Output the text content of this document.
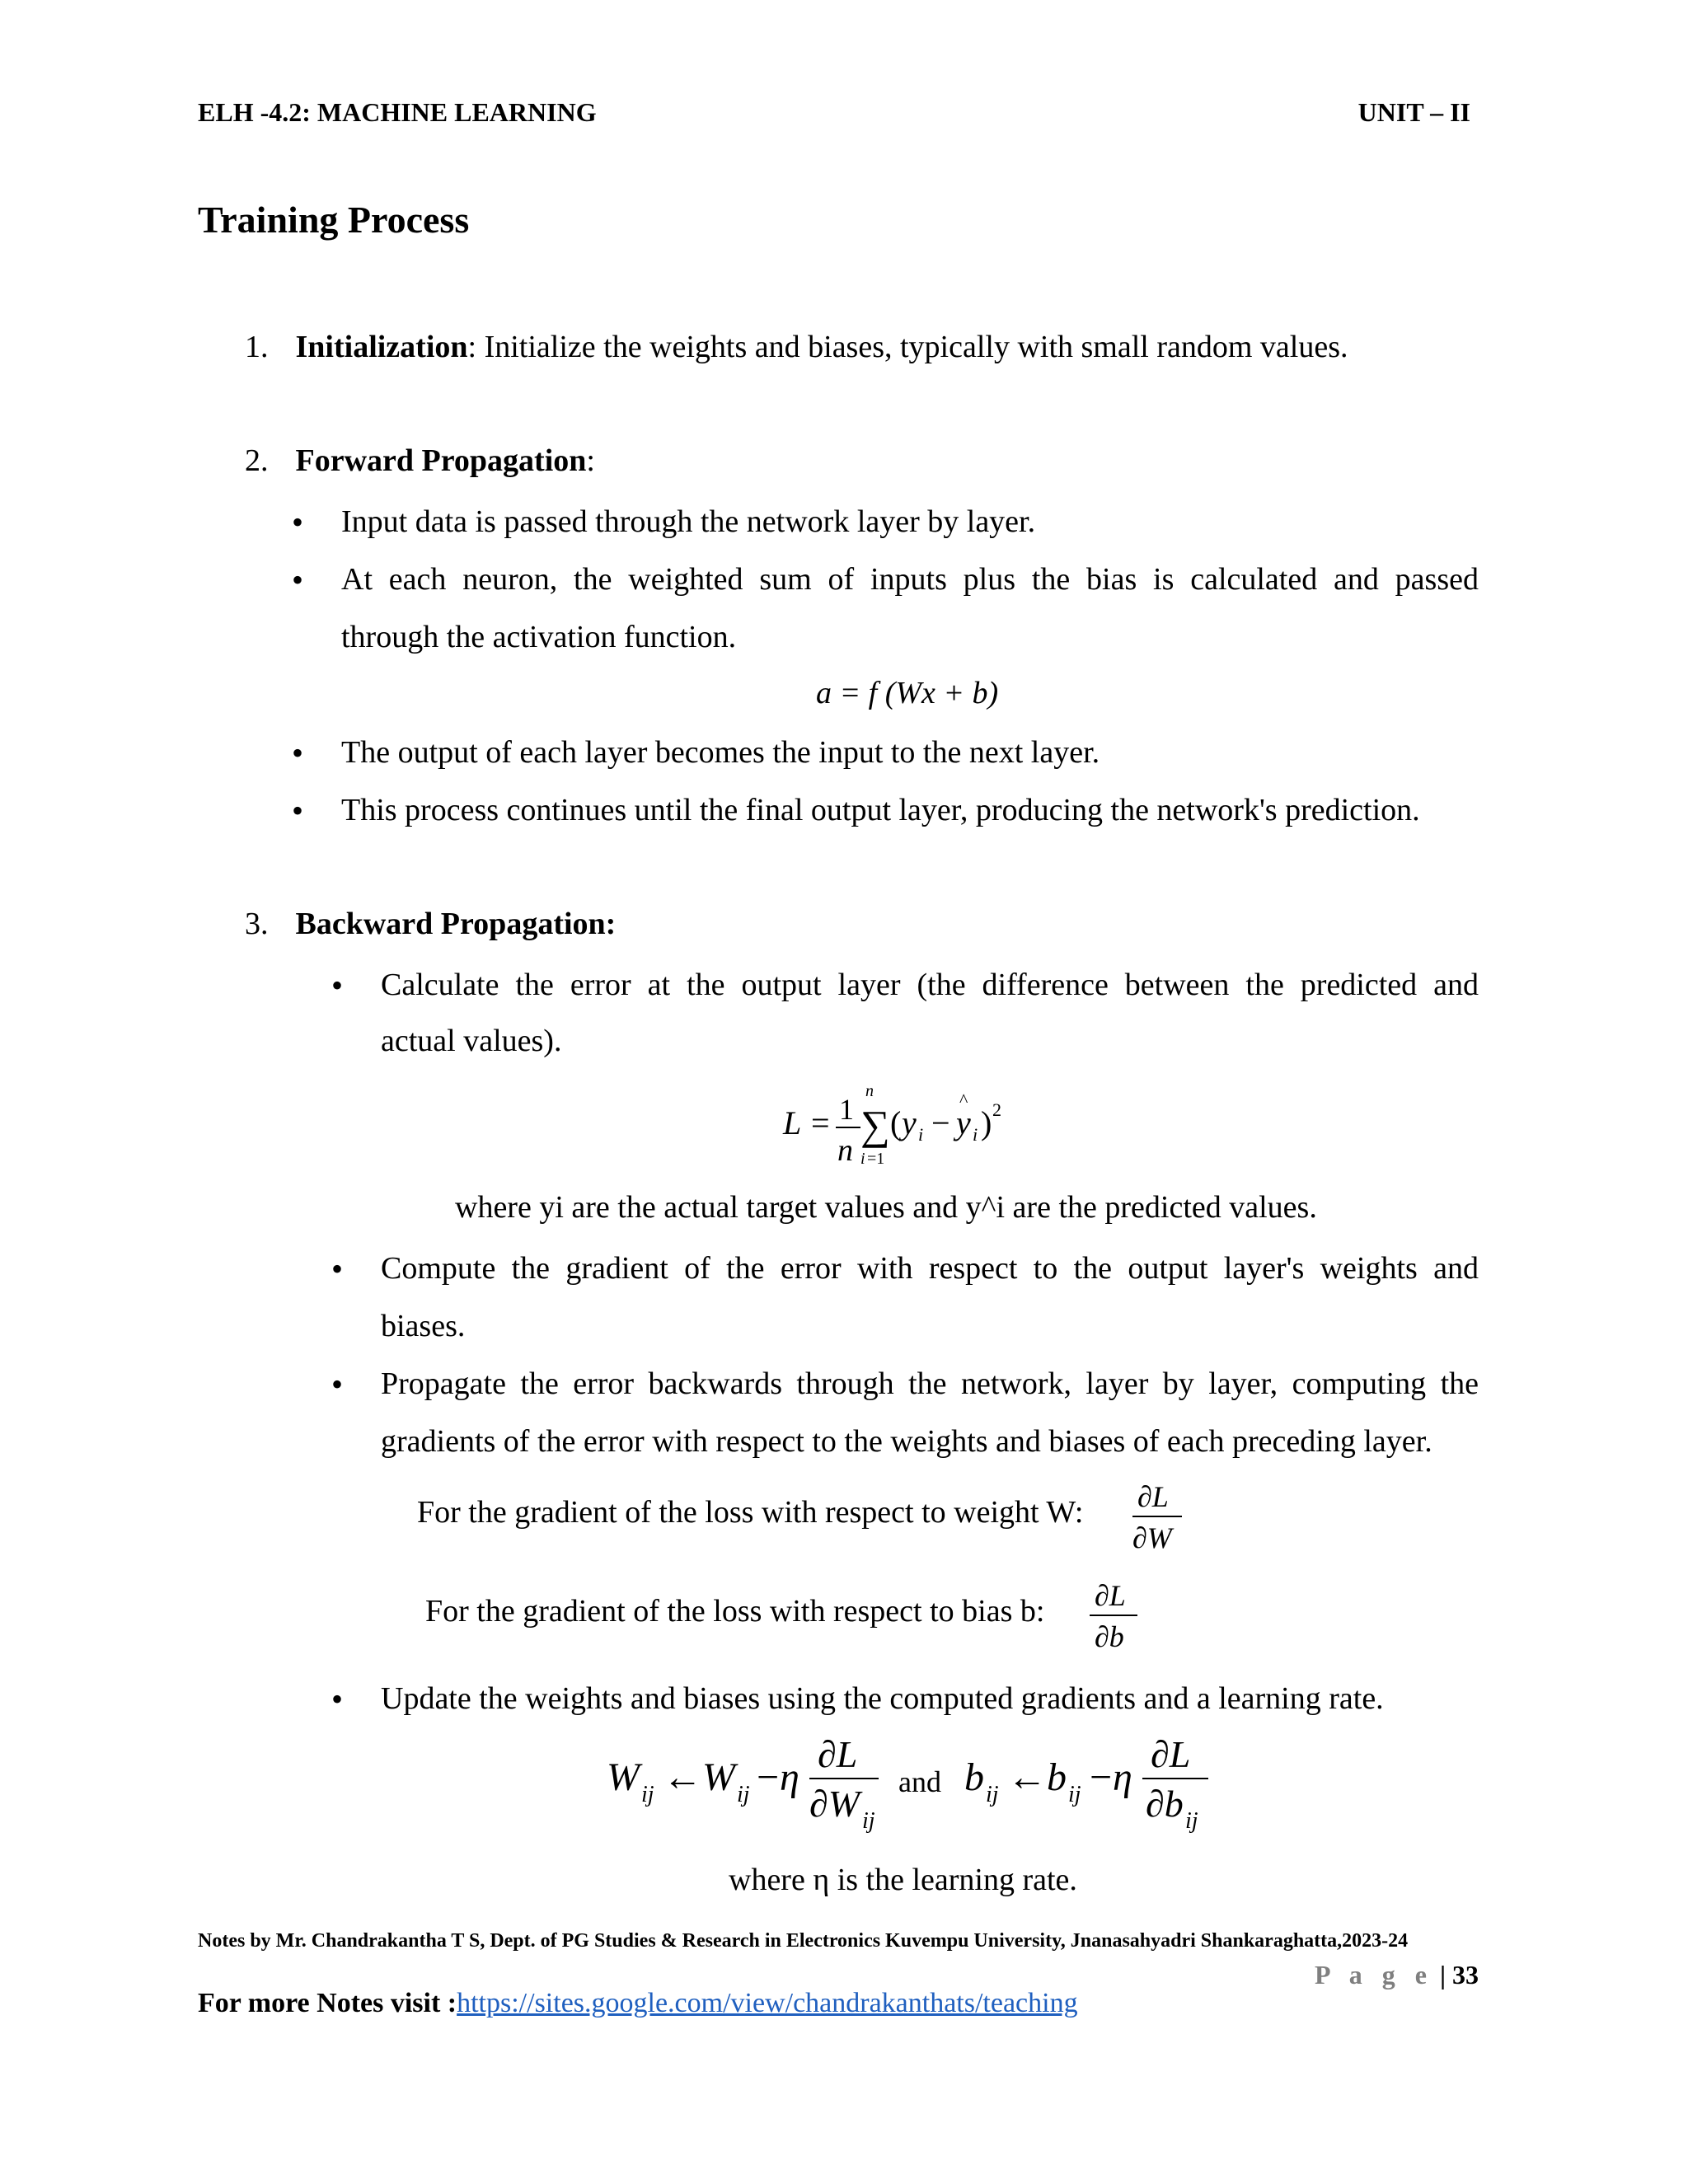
ELH -4.2: MACHINE LEARNING	UNIT – II
Training Process
1. Initialization: Initialize the weights and biases, typically with small random values.
2. Forward Propagation:
• Input data is passed through the network layer by layer.
• At each neuron, the weighted sum of inputs plus the bias is calculated and passed
through the activation function.
a = f (Wx + b)
• The output of each layer becomes the input to the next layer.
• This process continues until the final output layer, producing the network's prediction.
3. Backward Propagation:
• Calculate the error at the output layer (the difference between the predicted and
actual values).
L = 1
n
n
∑
i =1
( y i − y
^
i ) 2
where yi are the actual target values and y^i are the predicted values.
• Compute the gradient of the error with respect to the output layer's weights and
biases.
• Propagate the error backwards through the network, layer by layer, computing the
gradients of the error with respect to the weights and biases of each preceding layer.
For the gradient of the loss with respect to weight W: ∂L
∂W
For the gradient of the loss with respect to bias b: ∂L
∂b
• Update the weights and biases using the computed gradients and a learning rate.
W ij ← W ij − η
∂L
∂W ij
and b ij ← b ij − η
∂L
∂b ij
where η is the learning rate.
Notes by Mr. Chandrakantha T S, Dept. of PG Studies & Research in Electronics Kuvempu University, Jnanasahyadri Shankaraghatta,2023-24
P a g e | 33
For more Notes visit :https://sites.google.com/view/chandrakanthats/teaching
